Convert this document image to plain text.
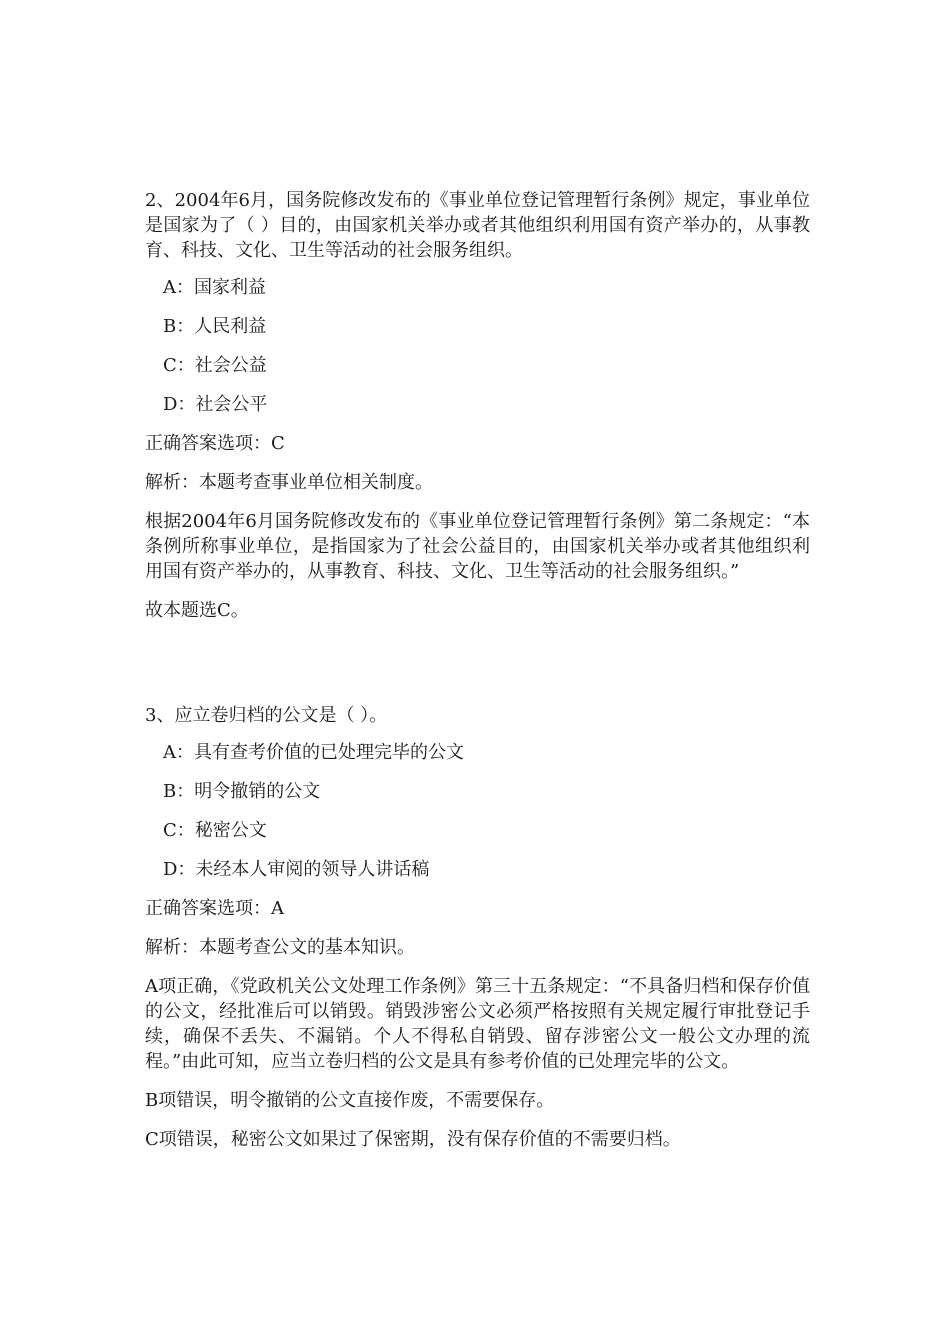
2、2004年6月，国务院修改发布的《事业单位登记管理暂行条例》规定，事业单位是国家为了（ ）目的，由国家机关举办或者其他组织利用国有资产举办的，从事教育、科技、文化、卫生等活动的社会服务组织。

A：国家利益

B：人民利益

C：社会公益

D：社会公平

正确答案选项：C

解析：本题考查事业单位相关制度。

根据2004年6月国务院修改发布的《事业单位登记管理暂行条例》第二条规定：“本条例所称事业单位，是指国家为了社会公益目的，由国家机关举办或者其他组织利用国有资产举办的，从事教育、科技、文化、卫生等活动的社会服务组织。”

故本题选C。

3、应立卷归档的公文是（ ）。

A：具有查考价值的已处理完毕的公文

B：明令撤销的公文

C：秘密公文

D：未经本人审阅的领导人讲话稿

正确答案选项：A

解析：本题考查公文的基本知识。

A项正确，《党政机关公文处理工作条例》第三十五条规定：“不具备归档和保存价值的公文，经批准后可以销毁。销毁涉密公文必须严格按照有关规定履行审批登记手续，确保不丢失、不漏销。个人不得私自销毁、留存涉密公文一般公文办理的流程。”由此可知，应当立卷归档的公文是具有参考价值的已处理完毕的公文。

B项错误，明令撤销的公文直接作废，不需要保存。

C项错误，秘密公文如果过了保密期，没有保存价值的不需要归档。
